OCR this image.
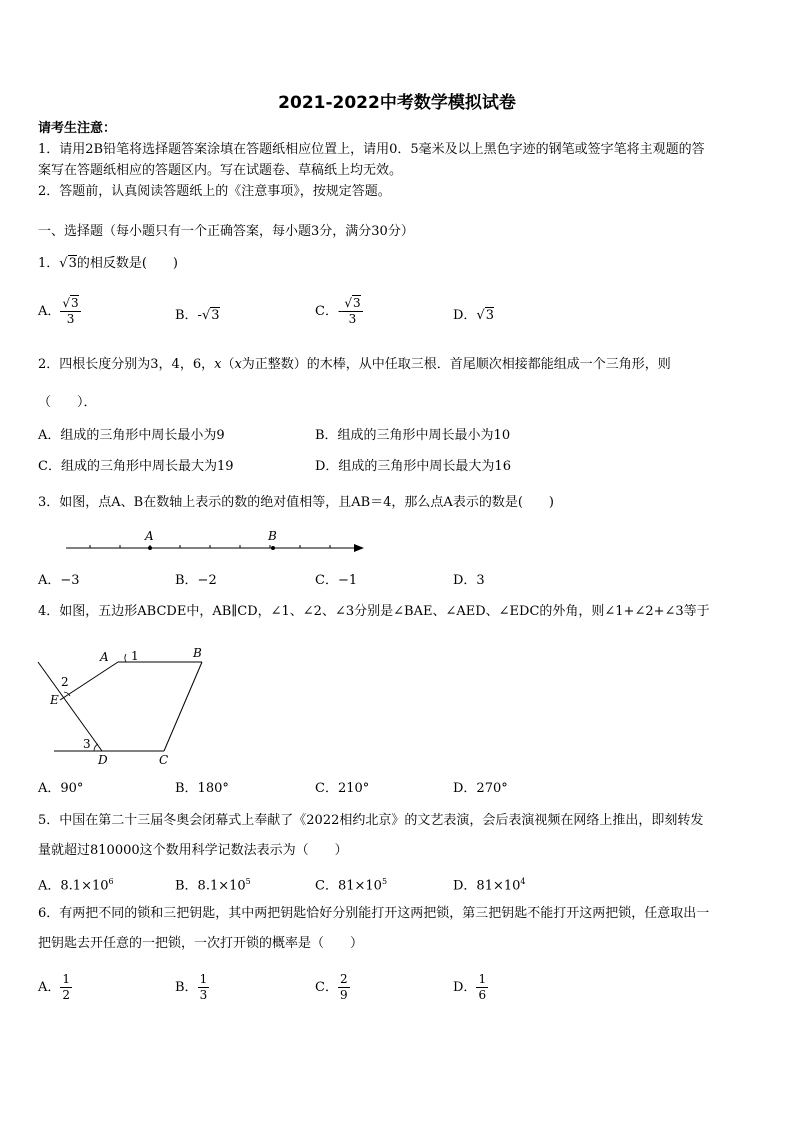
2021-2022中考数学模拟试卷
请考生注意：
1．请用2B铅笔将选择题答案涂填在答题纸相应位置上，请用0．5毫米及以上黑色字迹的钢笔或签字笔将主观题的答
案写在答题纸相应的答题区内。写在试题卷、草稿纸上均无效。
2．答题前，认真阅读答题纸上的《注意事项》，按规定答题。
一、选择题（每小题只有一个正确答案，每小题3分，满分30分）
1．√3的相反数是(　　)
A． $\frac{√3}{3}$	B．-√3	C．- $\frac{√3}{3}$	D．√3
2．四根长度分别为3，4，6，x（x为正整数）的木棒，从中任取三根．首尾顺次相接都能组成一个三角形，则
（　　）．
A．组成的三角形中周长最小为9	B．组成的三角形中周长最小为10
C．组成的三角形中周长最大为19	D．组成的三角形中周长最大为16
3．如图，点A、B在数轴上表示的数的绝对值相等，且AB＝4，那么点A表示的数是(　　)
A	B
A．−3	B．−2	C．−1	D．3
4．如图，五边形ABCDE中，AB∥CD，∠1、∠2、∠3分别是∠BAE、∠AED、∠EDC的外角，则∠1+∠2+∠3等于
A	B
C
D
E
1
2
3
A．90°	B．180°	C．210°	D．270°
5．中国在第二十三届冬奥会闭幕式上奉献了《2022相约北京》的文艺表演，会后表演视频在网络上推出，即刻转发
量就超过810000这个数用科学记数法表示为（　　）
A．$8.1\times 10^6$	B．$8.1\times 10^5$	C．$81\times 10^5$	D．$81\times 10^4$
6．有两把不同的锁和三把钥匙，其中两把钥匙恰好分别能打开这两把锁，第三把钥匙不能打开这两把锁，任意取出一
把钥匙去开任意的一把锁，一次打开锁的概率是（　　）
A． $\frac{1}{2}$	B． $\frac{1}{3}$	C． $\frac{2}{9}$	D． $\frac{1}{6}$
